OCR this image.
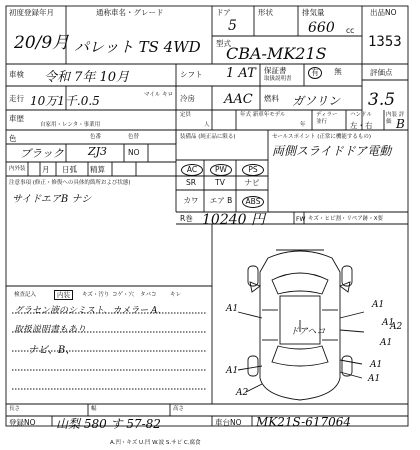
初度登録年月
20/9月
通称車名・グレード
パレット TS 4WD
ドア
5
形状	排気量
660 cc
型式
CBA-MK21S
出品NO
1353
車検 令和 7年 10月	シフト 1 AT 保証書
取扱説明書
有	無	評価点
3.5
走行 10万1千.0.5	マイル キロ 冷房 AAC 燃料 ガソリン
車歴
自家用・レンタ・事業用
定員
人
年式 新車年モデル
年
ディラー 並行
ハンドル
左・右
内装 評価 B
色
ブラック
色番
ZJ3
色替
NO
装備品 (純正品に限る)	セールスポイント (正常に機能するもの)
両側スライドドア電動
AC	PW	PS
SR	TV	ナビ
カワ	エア B	ABS
内外装 月 日弧 精算
注意事項 (修正・修復への具体的箇所および状態)
サイドエアB ナシ
R巻 10240 円	FW キズ・ヒビ割・リペア跡・X要
検査記入	内装	キズ・汚り コゲ・穴 タバコ キレ
グラセン液のシミスト、カメラー A、
取扱説明書もあり
ナビ、B、
A1	A1
A1
A1
A2
A1
A1
ドアヘコ
A1
A2
長さ	幅	高さ
登録NO 山梨 580 す 57-82	車台NO MK21S-617064
A.凹・キズ U.凹 W.波 S.サビ C.腐食
